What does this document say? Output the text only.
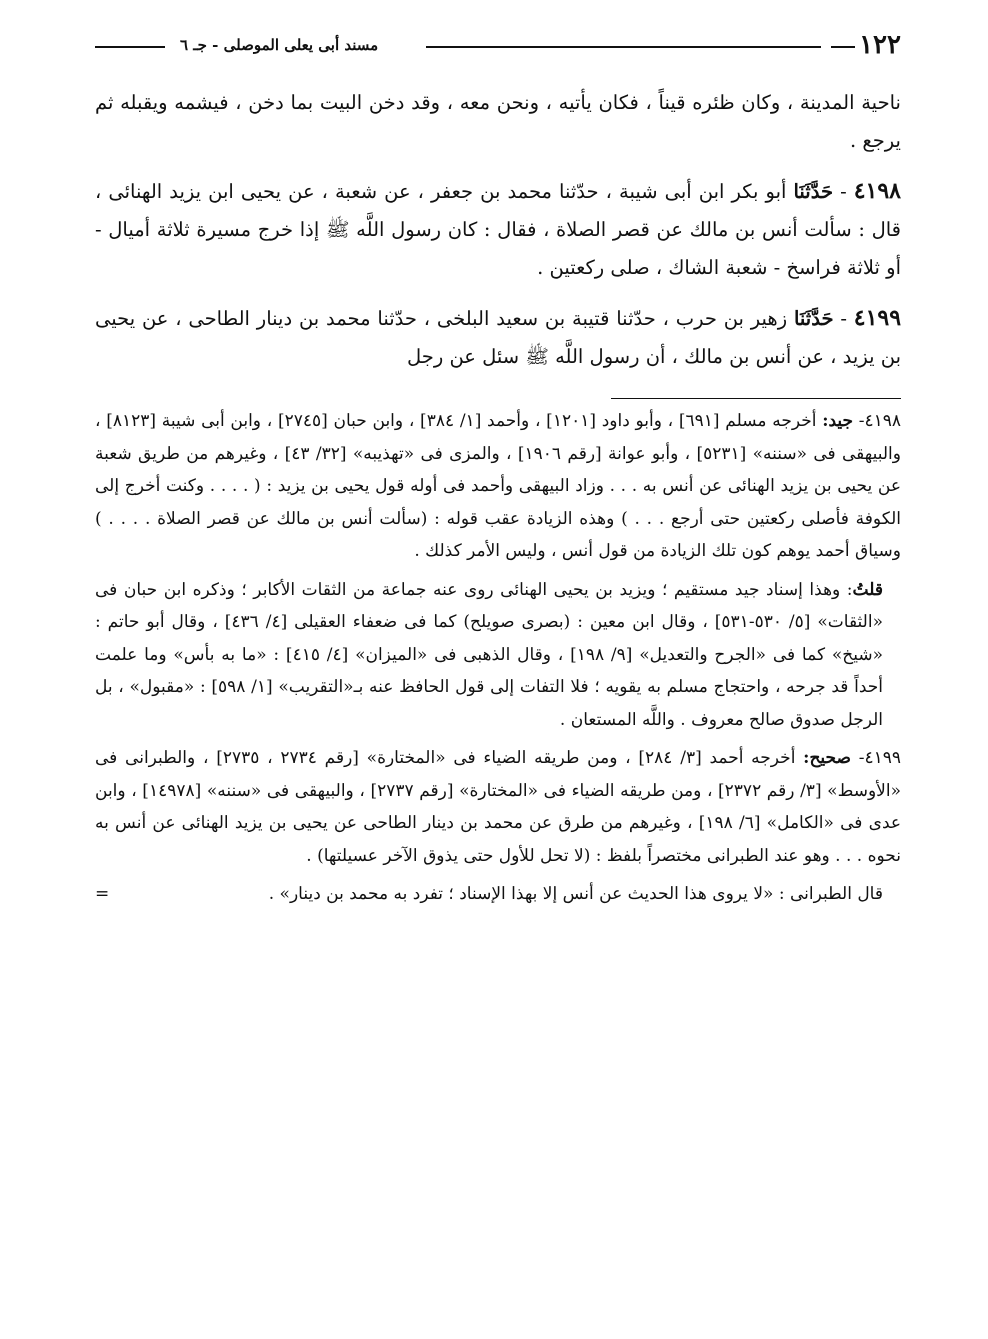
١٢٢
مسند أبى يعلى الموصلى - جـ ٦

ناحية المدينة ، وكان ظئره قيناً ، فكان يأتيه ، ونحن معه ، وقد دخن البيت بما دخن ، فيشمه ويقبله ثم يرجع .

٤١٩٨ - حَدَّثَنَا أبو بكر ابن أبى شيبة ، حدّثنا محمد بن جعفر ، عن شعبة ، عن يحيى ابن يزيد الهنائى ، قال : سألت أنس بن مالك عن قصر الصلاة ، فقال : كان رسول اللَّه ﷺ إذا خرج مسيرة ثلاثة أميال - أو ثلاثة فراسخ - شعبة الشاك ، صلى ركعتين .

٤١٩٩ - حَدَّثَنَا زهير بن حرب ، حدّثنا قتيبة بن سعيد البلخى ، حدّثنا محمد بن دينار الطاحى ، عن يحيى بن يزيد ، عن أنس بن مالك ، أن رسول اللَّه ﷺ سئل عن رجل

٤١٩٨- جيد: أخرجه مسلم [٦٩١] ، وأبو داود [١٢٠١] ، وأحمد [١/ ٣٨٤] ، وابن حبان [٢٧٤٥] ، وابن أبى شيبة [٨١٢٣] ، والبيهقى فى «سننه» [٥٢٣١] ، وأبو عوانة [رقم ١٩٠٦] ، والمزى فى «تهذيبه» [٣٢/ ٤٣] ، وغيرهم من طريق شعبة عن يحيى بن يزيد الهنائى عن أنس به . . . وزاد البيهقى وأحمد فى أوله قول يحيى بن يزيد : ( . . . . وكنت أخرج إلى الكوفة فأصلى ركعتين حتى أرجع . . . ) وهذه الزيادة عقب قوله : (سألت أنس بن مالك عن قصر الصلاة . . . . ) وسياق أحمد يوهم كون تلك الزيادة من قول أنس ، وليس الأمر كذلك .

قلتُ: وهذا إسناد جيد مستقيم ؛ ويزيد بن يحيى الهنائى روى عنه جماعة من الثقات الأكابر ؛ وذكره ابن حبان فى «الثقات» [٥/ ٥٣٠-٥٣١] ، وقال ابن معين : (بصرى صويلح) كما فى ضعفاء العقيلى [٤/ ٤٣٦] ، وقال أبو حاتم : «شيخ» كما فى «الجرح والتعديل» [٩/ ١٩٨] ، وقال الذهبى فى «الميزان» [٤/ ٤١٥] : «ما به بأس» وما علمت أحداً قد جرحه ، واحتجاج مسلم به يقويه ؛ فلا التفات إلى قول الحافظ عنه بـ«التقريب» [١/ ٥٩٨] : «مقبول» ، بل الرجل صدوق صالح معروف . واللَّه المستعان .

٤١٩٩- صحيح: أخرجه أحمد [٣/ ٢٨٤] ، ومن طريقه الضياء فى «المختارة» [رقم ٢٧٣٤ ، ٢٧٣٥] ، والطبرانى فى «الأوسط» [٣/ رقم ٢٣٧٢] ، ومن طريقه الضياء فى «المختارة» [رقم ٢٧٣٧] ، والبيهقى فى «سننه» [١٤٩٧٨] ، وابن عدى فى «الكامل» [٦/ ١٩٨] ، وغيرهم من طرق عن محمد بن دينار الطاحى عن يحيى بن يزيد الهنائى عن أنس به نحوه . . . وهو عند الطبرانى مختصراً بلفظ : (لا تحل للأول حتى يذوق الآخر عسيلتها) .

قال الطبرانى : «لا يروى هذا الحديث عن أنس إلا بهذا الإسناد ؛ تفرد به محمد بن دينار» .
=
